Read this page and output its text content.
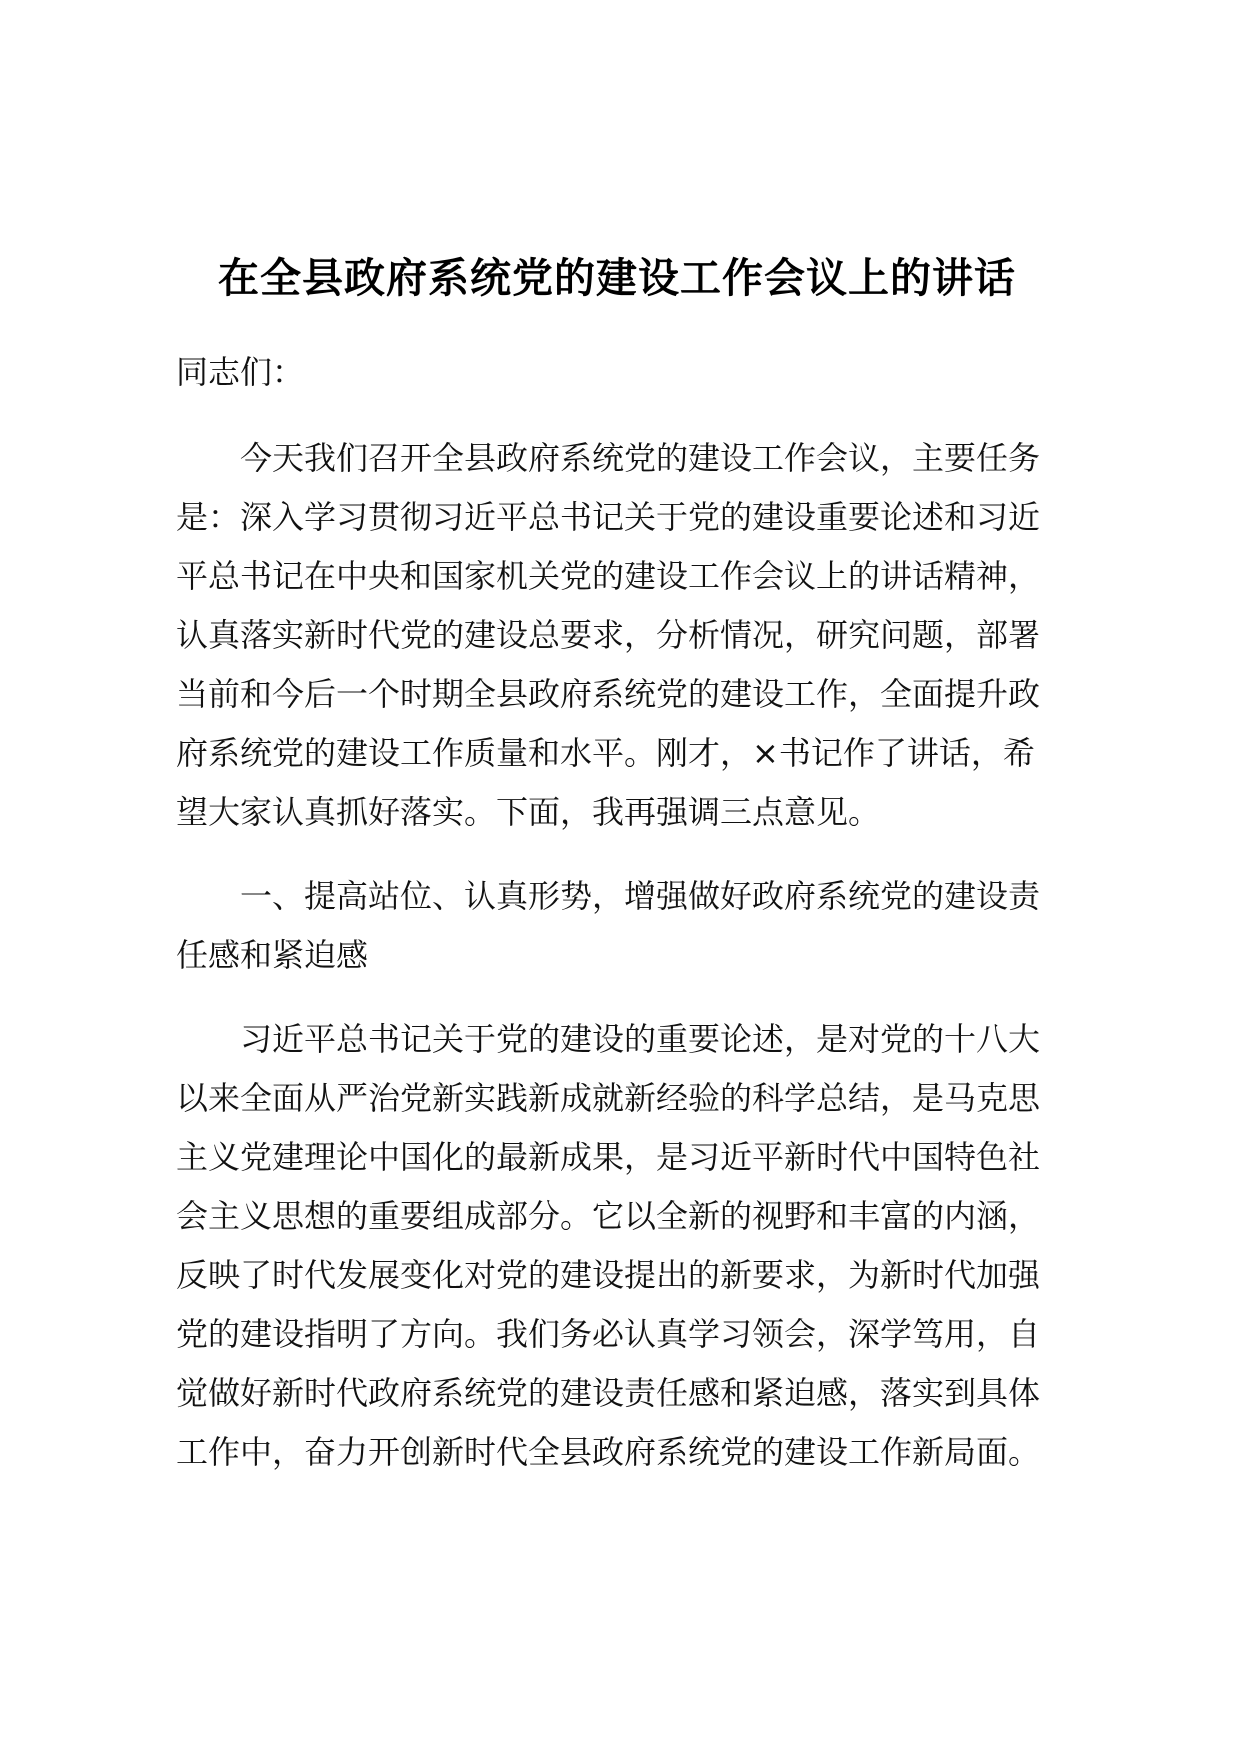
在全县政府系统党的建设工作会议上的讲话
同志们：
　　今天我们召开全县政府系统党的建设工作会议，主要任务
是：深入学习贯彻习近平总书记关于党的建设重要论述和习近
平总书记在中央和国家机关党的建设工作会议上的讲话精神，
认真落实新时代党的建设总要求，分析情况，研究问题，部署
当前和今后一个时期全县政府系统党的建设工作，全面提升政
府系统党的建设工作质量和水平。刚才，×书记作了讲话，希
望大家认真抓好落实。下面，我再强调三点意见。
　　一、提高站位、认真形势，增强做好政府系统党的建设责
任感和紧迫感
　　习近平总书记关于党的建设的重要论述，是对党的十八大
以来全面从严治党新实践新成就新经验的科学总结，是马克思
主义党建理论中国化的最新成果，是习近平新时代中国特色社
会主义思想的重要组成部分。它以全新的视野和丰富的内涵，
反映了时代发展变化对党的建设提出的新要求，为新时代加强
党的建设指明了方向。我们务必认真学习领会，深学笃用，自
觉做好新时代政府系统党的建设责任感和紧迫感，落实到具体
工作中，奋力开创新时代全县政府系统党的建设工作新局面。
